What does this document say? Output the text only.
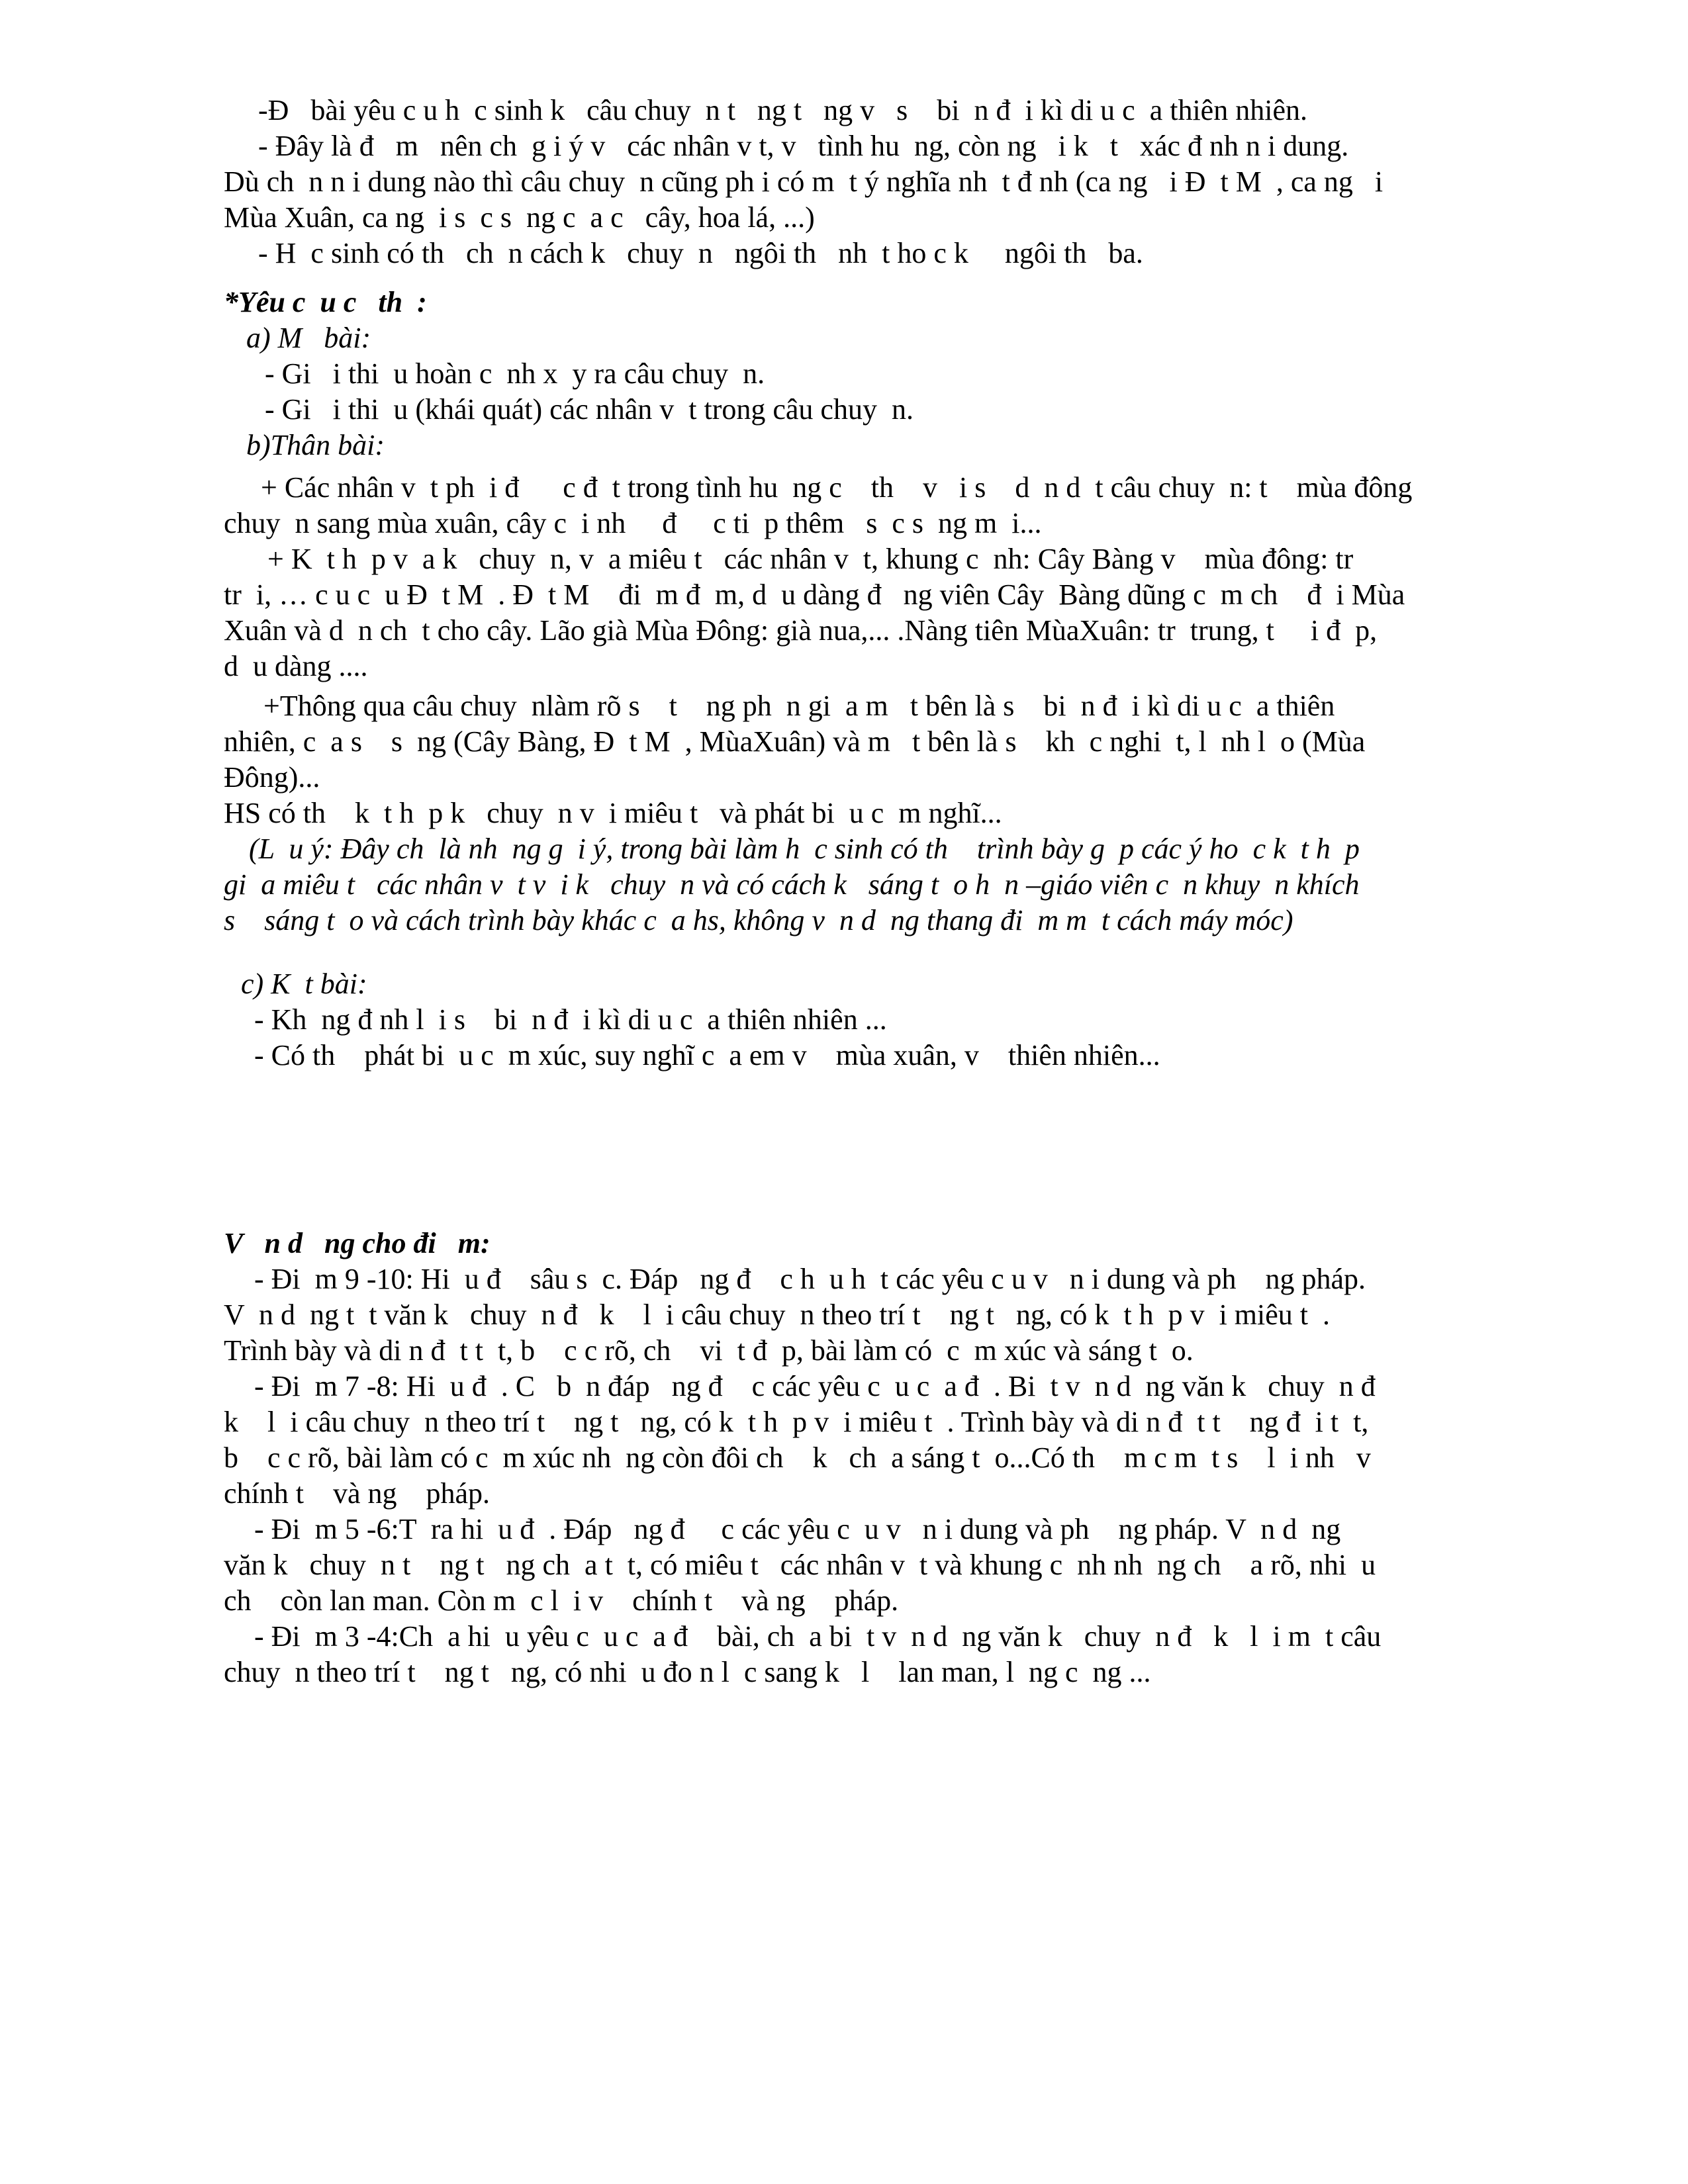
-Đ   bài yêu c u h  c sinh k   câu chuy  n t   ng t   ng v   s    bi  n đ  i kì di u c  a thiên nhiên.
- Đây là đ   m   nên ch  g i ý v   các nhân v t, v   tình hu  ng, còn ng   i k   t   xác đ nh n i dung.
Dù ch  n n i dung nào thì câu chuy  n cũng ph i có m  t ý nghĩa nh  t đ nh (ca ng   i Đ  t M  , ca ng   i
Mùa Xuân, ca ng  i s  c s  ng c  a c   cây, hoa lá, ...)
- H  c sinh có th   ch  n cách k   chuy  n   ngôi th   nh  t ho c k     ngôi th   ba.
*Yêu c  u c   th  :
a) M   bài:
- Gi   i thi  u hoàn c  nh x  y ra câu chuy  n.
- Gi   i thi  u (khái quát) các nhân v  t trong câu chuy  n.
b)Thân bài:
+ Các nhân v  t ph  i đ      c đ  t trong tình hu  ng c    th    v   i s    d  n d  t câu chuy  n: t    mùa đông
chuy  n sang mùa xuân, cây c  i nh     đ     c ti  p thêm   s  c s  ng m  i...
+ K  t h  p v  a k   chuy  n, v  a miêu t   các nhân v  t, khung c  nh: Cây Bàng v    mùa đông: tr
tr  i, … c u c  u Đ  t M  . Đ  t M    đi  m đ  m, d  u dàng đ   ng viên Cây  Bàng dũng c  m ch    đ  i Mùa
Xuân và d  n ch  t cho cây. Lão già Mùa Đông: già nua,... .Nàng tiên MùaXuân: tr  trung, t     i đ  p,
d  u dàng ....
+Thông qua câu chuy  nlàm rõ s    t    ng ph  n gi  a m   t bên là s    bi  n đ  i kì di u c  a thiên
nhiên, c  a s    s  ng (Cây Bàng, Đ  t M  , MùaXuân) và m   t bên là s    kh  c nghi  t, l  nh l  o (Mùa
Đông)...
HS có th    k  t h  p k   chuy  n v  i miêu t   và phát bi  u c  m nghĩ...
(L  u ý: Đây ch  là nh  ng g  i ý, trong bài làm h  c sinh có th    trình bày g  p các ý ho  c k  t h  p
gi  a miêu t   các nhân v  t v  i k   chuy  n và có cách k   sáng t  o h  n –giáo viên c  n khuy  n khích
s    sáng t  o và cách trình bày khác c  a hs, không v  n d  ng thang đi  m m  t cách máy móc)
c) K  t bài:
- Kh  ng đ nh l  i s    bi  n đ  i kì di u c  a thiên nhiên ...
- Có th    phát bi  u c  m xúc, suy nghĩ c  a em v    mùa xuân, v    thiên nhiên...
V   n d   ng cho đi   m:
- Đi  m 9 -10: Hi  u đ    sâu s  c. Đáp   ng đ    c h  u h  t các yêu c u v   n i dung và ph    ng pháp.
V  n d  ng t  t văn k   chuy  n đ   k    l  i câu chuy  n theo trí t    ng t   ng, có k  t h  p v  i miêu t  .
Trình bày và di n đ  t t  t, b    c c rõ, ch    vi  t đ  p, bài làm có  c  m xúc và sáng t  o.
- Đi  m 7 -8: Hi  u đ  . C   b  n đáp   ng đ    c các yêu c  u c  a đ  . Bi  t v  n d  ng văn k   chuy  n đ
k    l  i câu chuy  n theo trí t    ng t   ng, có k  t h  p v  i miêu t  . Trình bày và di n đ  t t    ng đ  i t  t,
b    c c rõ, bài làm có c  m xúc nh  ng còn đôi ch    k   ch  a sáng t  o...Có th    m c m  t s    l  i nh   v
chính t    và ng    pháp.
- Đi  m 5 -6:T  ra hi  u đ  . Đáp   ng đ     c các yêu c  u v   n i dung và ph    ng pháp. V  n d  ng
văn k   chuy  n t    ng t   ng ch  a t  t, có miêu t   các nhân v  t và khung c  nh nh  ng ch    a rõ, nhi  u
ch    còn lan man. Còn m  c l  i v    chính t    và ng    pháp.
- Đi  m 3 -4:Ch  a hi  u yêu c  u c  a đ    bài, ch  a bi  t v  n d  ng văn k   chuy  n đ   k   l  i m  t câu
chuy  n theo trí t    ng t   ng, có nhi  u đo n l  c sang k   l    lan man, l  ng c  ng ...
